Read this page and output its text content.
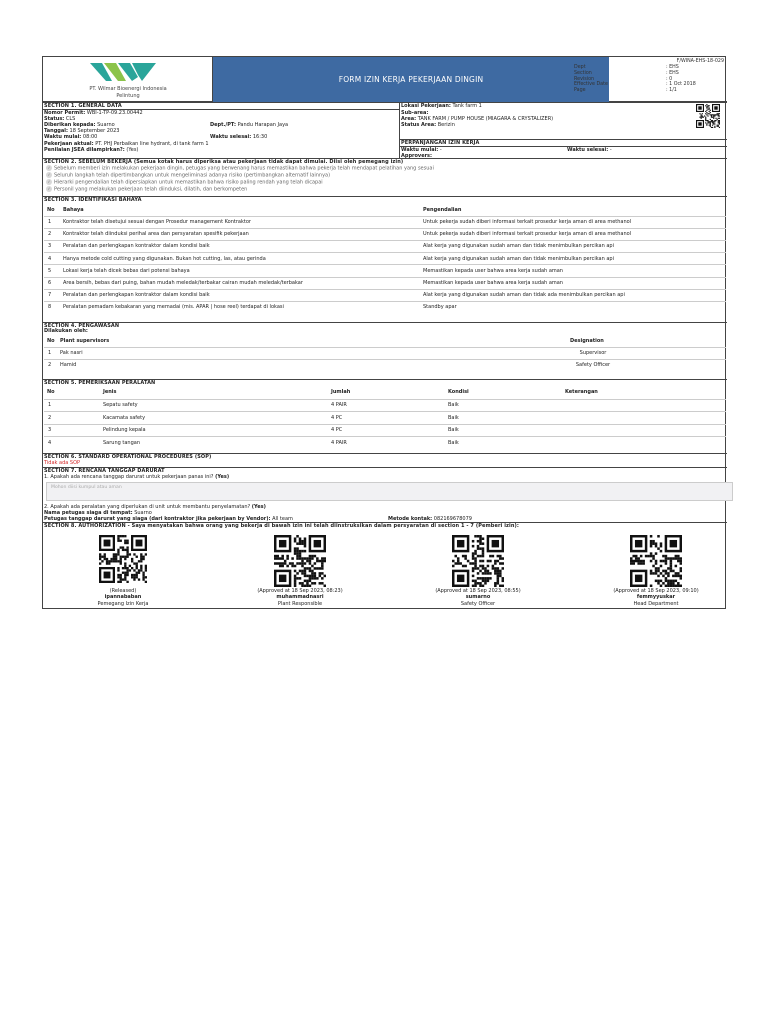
PT. Wilmar Bioenergi Indonesia
Pelintung
FORM IZIN KERJA PEKERJAAN DINGIN
F/WINA-EHS-18-029
Dept	: EHS
Section	: EHS
Revision	: 0
Effective Date	: 1 Oct 2018
Page	: 1/1
SECTION 1. GENERAL DATA
Nomor Permit: WBI-1-TP-09.23.00442
Status: CLS
Diberikan kepada: Suarno	Dept./PT: Pandu Harapan Jaya
Tanggal: 18 September 2023
Waktu mulai: 08:00	Waktu selesai: 16:30
Pekerjaan aktual: PT. PHJ Perbaikan line hydrant, di tank farm 1
Penilaian JSEA dilampirkan?: (Yes)
Lokasi Pekerjaan: Tank farm 1
Sub-area:
Area: TANK FARM / PUMP HOUSE (MIAGARA & CRYSTALIZER)
Status Area: Berizin
PERPANJANGAN IZIN KERJA
Waktu mulai: -	Waktu selesai: -
Approvers:
SECTION 2. SEBELUM BEKERJA (Semua kotak harus diperiksa atau pekerjaan tidak dapat dimulai. Diisi oleh pemegang izin)
✓ Sebelum memberi izin melakukan pekerjaan dingin, petugas yang berwenang harus memastikan bahwa pekerja telah mendapat pelatihan yang sesuai
✓ Seluruh langkah telah dipertimbangkan untuk mengeliminasi adanya risiko (pertimbangkan alternatif lainnya)
✓ Hierarki pengendalian telah dipersiapkan untuk memastikan bahwa risiko paling rendah yang telah dicapai
✓ Personil yang melakukan pekerjaan telah diinduksi, dilatih, dan berkompeten
SECTION 3. IDENTIFIKASI BAHAYA
No Bahaya	Pengendalian
1 Kontraktor telah disetujui sesuai dengan Prosedur management Kontraktor	Untuk pekerja sudah diberi informasi terkait prosedur kerja aman di area methanol
2 Kontraktor telah diinduksi perihal area dan persyaratan spesifik pekerjaan	Untuk pekerja sudah diberi informasi terkait prosedur kerja aman di area methanol
3 Peralatan dan perlengkapan kontraktor dalam kondisi baik	Alat kerja yang digunakan sudah aman dan tidak menimbulkan percikan api
4 Hanya metode cold cutting yang digunakan. Bukan hot cutting, las, atau gerinda	Alat kerja yang digunakan sudah aman dan tidak menimbulkan percikan api
5 Lokasi kerja telah dicek bebas dari potensi bahaya	Memastikan kepada user bahwa area kerja sudah aman
6 Area bersih, bebas dari puing, bahan mudah meledak/terbakar cairan mudah meledak/terbakar	Memastikan kepada user bahwa area kerja sudah aman
7 Peralatan dan perlengkapan kontraktor dalam kondisi baik	Alat kerja yang digunakan sudah aman dan tidak ada menimbulkan percikan api
8 Peralatan pemadam kebakaran yang memadai (mis. APAR | hose reel) terdapat di lokasi	Standby apar
SECTION 4. PENGAWASAN
Dilakukan oleh:
No Plant supervisors	Designation
1 Pak nasri	Supervisor
2 Hamid	Safety Officer
SECTION 5. PEMERIKSAAN PERALATAN
No	Jenis	Jumlah	Kondisi	Keterangan
1	Sepatu safety	4 PAIR	Baik
2	Kacamata safety	4 PC	Baik
3	Pelindung kepala	4 PC	Baik
4	Sarung tangan	4 PAIR	Baik
SECTION 6. STANDARD OPERATIONAL PROCEDURES (SOP)
Tidak ada SOP
SECTION 7. RENCANA TANGGAP DARURAT
1. Apakah ada rencana tanggap darurat untuk pekerjaan panas ini? (Yes)
Mohon diisi kumpul atau aman
2. Apakah ada peralatan yang diperlukan di unit untuk membantu penyelamatan? (Yes)
Nama petugas siaga di tempat: Suarno
Petugas tanggap darurat yang siaga (dari kontraktor jika pekerjaan by Vendor): All team	Metode kontak: 082169678079
SECTION 8. AUTHORIZATION - Saya menyatakan bahwa orang yang bekerja di bawah izin ini telah diinstruksikan dalam persyaratan di section 1 - 7 (Pemberi izin):
(Released)
ipannababan
Pemegang Izin Kerja
(Approved at 18 Sep 2023, 08:23)
muhammadnasri
Plant Responsible
(Approved at 18 Sep 2023, 08:55)
sumarno
Safety Officer
(Approved at 18 Sep 2023, 09:10)
femmyyuskar
Head Department
